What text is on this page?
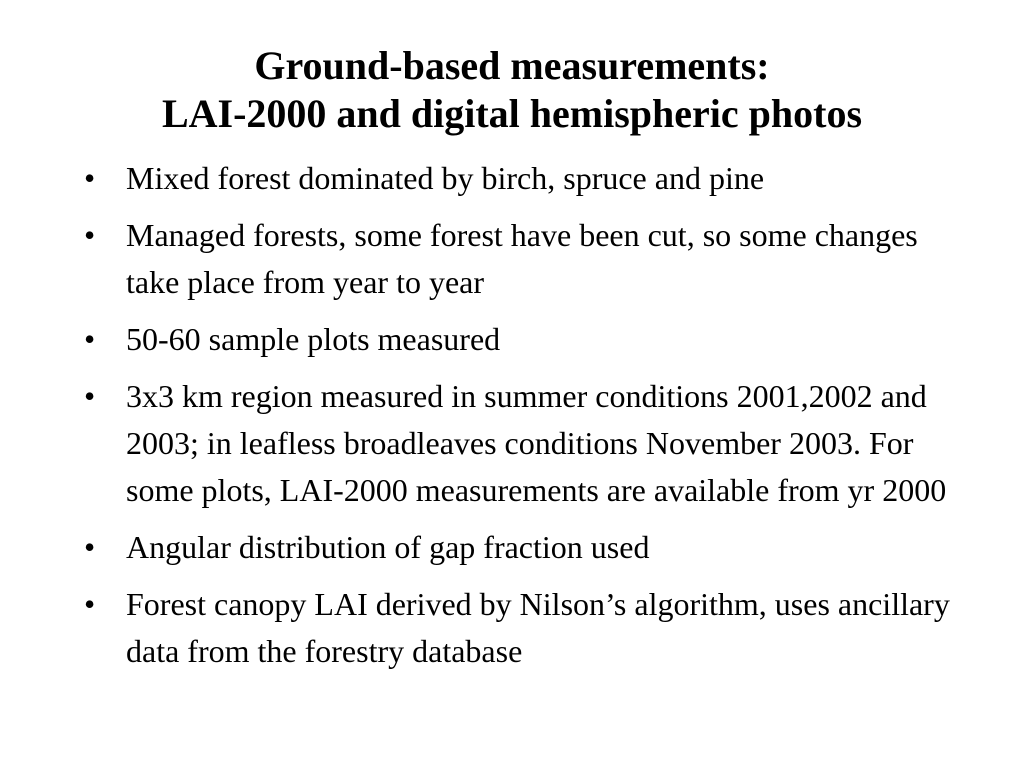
Ground-based measurements:
LAI-2000 and digital hemispheric photos
• Mixed forest dominated by birch, spruce and pine
• Managed forests, some forest have been cut, so some changes take place from year to year
• 50-60 sample plots measured
• 3x3 km region measured in summer conditions 2001,2002 and 2003; in leafless broadleaves conditions November 2003. For some plots, LAI-2000 measurements are available from yr 2000
• Angular distribution of gap fraction used
• Forest canopy LAI derived by Nilson’s algorithm, uses ancillary data from the forestry database
